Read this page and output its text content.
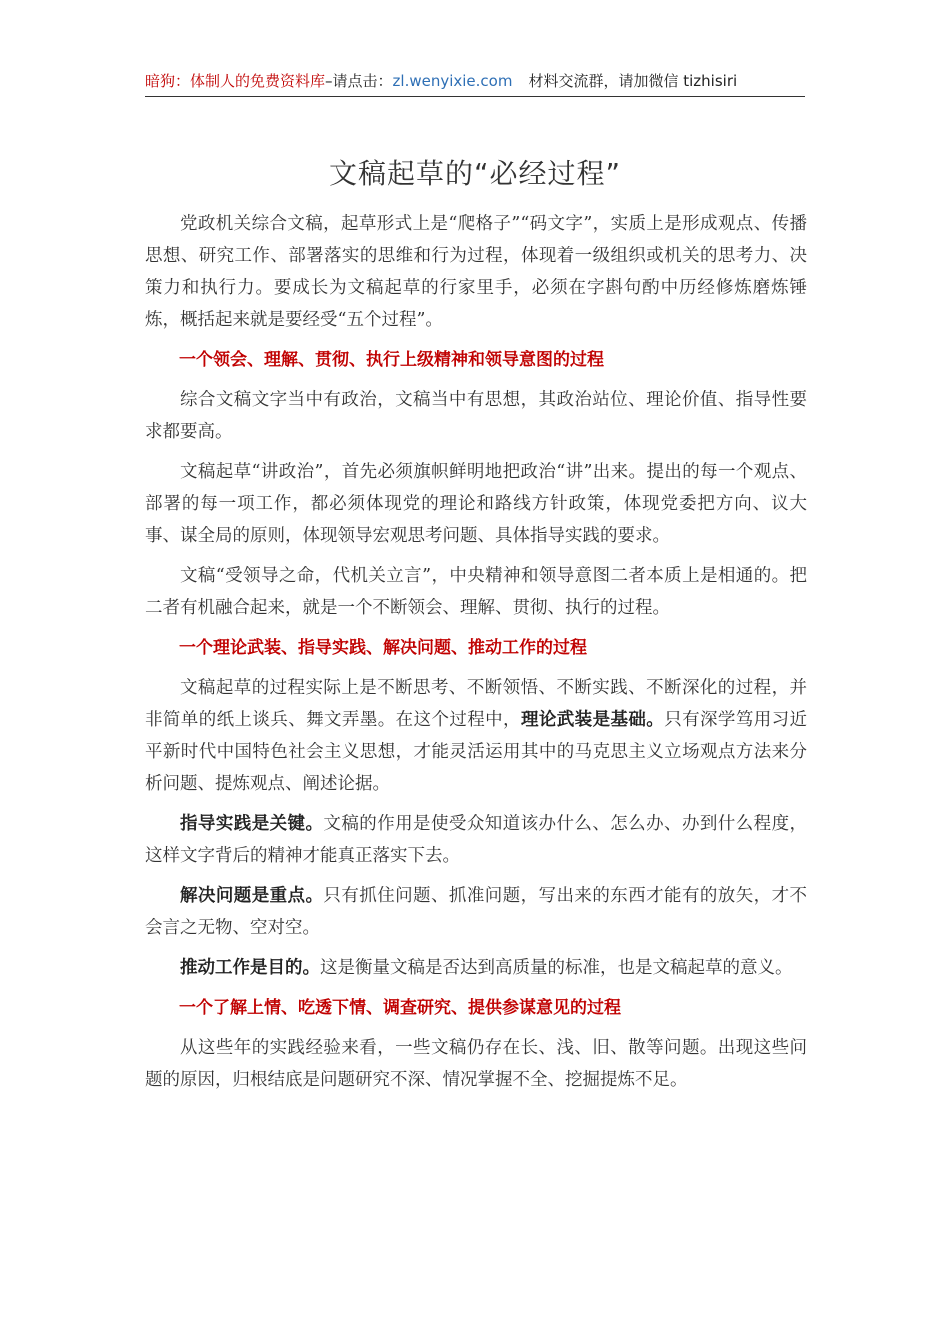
暗狗：体制人的免费资料库–请点击：zl.wenyixie.com 材料交流群，请加微信 tizhisiri
文稿起草的“必经过程”

党政机关综合文稿，起草形式上是“爬格子”“码文字”，实质上是形成观点、传播思想、研究工作、部署落实的思维和行为过程，体现着一级组织或机关的思考力、决策力和执行力。要成长为文稿起草的行家里手，必须在字斟句酌中历经修炼磨炼锤炼，概括起来就是要经受“五个过程”。

一个领会、理解、贯彻、执行上级精神和领导意图的过程

综合文稿文字当中有政治，文稿当中有思想，其政治站位、理论价值、指导性要求都要高。

文稿起草“讲政治”，首先必须旗帜鲜明地把政治“讲”出来。提出的每一个观点、部署的每一项工作，都必须体现党的理论和路线方针政策，体现党委把方向、议大事、谋全局的原则，体现领导宏观思考问题、具体指导实践的要求。

文稿“受领导之命，代机关立言”，中央精神和领导意图二者本质上是相通的。把二者有机融合起来，就是一个不断领会、理解、贯彻、执行的过程。

一个理论武装、指导实践、解决问题、推动工作的过程

文稿起草的过程实际上是不断思考、不断领悟、不断实践、不断深化的过程，并非简单的纸上谈兵、舞文弄墨。在这个过程中，理论武装是基础。只有深学笃用习近平新时代中国特色社会主义思想，才能灵活运用其中的马克思主义立场观点方法来分析问题、提炼观点、阐述论据。

指导实践是关键。文稿的作用是使受众知道该办什么、怎么办、办到什么程度，这样文字背后的精神才能真正落实下去。

解决问题是重点。只有抓住问题、抓准问题，写出来的东西才能有的放矢，才不会言之无物、空对空。

推动工作是目的。这是衡量文稿是否达到高质量的标准，也是文稿起草的意义。

一个了解上情、吃透下情、调查研究、提供参谋意见的过程

从这些年的实践经验来看，一些文稿仍存在长、浅、旧、散等问题。出现这些问题的原因，归根结底是问题研究不深、情况掌握不全、挖掘提炼不足。
